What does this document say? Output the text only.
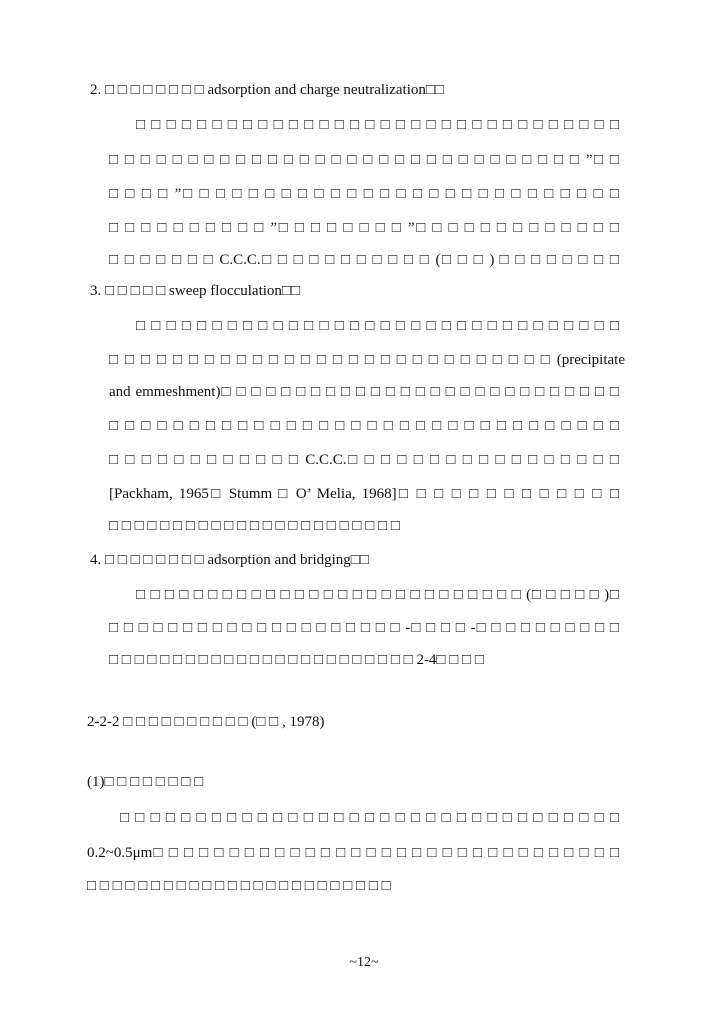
2. □ □ □ □ □ □ □ □ adsorption and charge neutralization□□
□ □ □ □ □ □ □ □ □ □ □ □ □ □ □ □ □ □ □ □ □ □ □ □ □ □ □ □ □ □ □ □
□ □ □ □ □ □ □ □ □ □ □ □ □ □ □ □ □ □ □ □ □ □ □ □ □ □ □ □ □ □ ”□ □
□ □ □ □ ”□ □ □ □ □ □ □ □ □ □ □ □ □ □ □ □ □ □ □ □ □ □ □ □ □ □ □
□ □ □ □ □ □ □ □ □ □ ”□ □ □ □ □ □ □ □ ”□ □ □ □ □ □ □ □ □ □ □ □ □
□ □ □ □ □ □ □ C.C.C.□ □ □ □ □ □ □ □ □ □ □ (□ □ □ ) □ □ □ □ □ □ □ □
3. □ □ □ □ □ sweep flocculation□□
□ □ □ □ □ □ □ □ □ □ □ □ □ □ □ □ □ □ □ □ □ □ □ □ □ □ □ □ □ □ □ □
□ □ □ □ □ □ □ □ □ □ □ □ □ □ □ □ □ □ □ □ □ □ □ □ □ □ □ □ (precipitate
and emmeshment)□ □ □ □ □ □ □ □ □ □ □ □ □ □ □ □ □ □ □ □ □ □ □ □ □ □ □
□ □ □ □ □ □ □ □ □ □ □ □ □ □ □ □ □ □ □ □ □ □ □ □ □ □ □ □ □ □ □ □
□ □ □ □ □ □ □ □ □ □ □ □ C.C.C.□ □ □ □ □ □ □ □ □ □ □ □ □ □ □ □ □
[Packham, 1965□ Stumm □ O’ Melia, 1968]□ □ □ □ □ □ □ □ □ □ □ □ □
□ □ □ □ □ □ □ □ □ □ □ □ □ □ □ □ □ □ □ □ □ □ □
4. □ □ □ □ □ □ □ □ adsorption and bridging□□
□ □ □ □ □ □ □ □ □ □ □ □ □ □ □ □ □ □ □ □ □ □ □ □ □ □ □ (□ □ □ □ □ )□
□ □ □ □ □ □ □ □ □ □ □ □ □ □ □ □ □ □ □ □ -□ □ □ □ -□ □ □ □ □ □ □ □ □ □
□ □ □ □ □ □ □ □ □ □ □ □ □ □ □ □ □ □ □ □ □ □ □ □ 2-4□ □ □ □
2-2-2 □ □ □ □ □ □ □ □ □ □ (□ □ , 1978)
(1)□ □ □ □ □ □ □ □
□ □ □ □ □ □ □ □ □ □ □ □ □ □ □ □ □ □ □ □ □ □ □ □ □ □ □ □ □ □ □ □ □
0.2~0.5μm□ □ □ □ □ □ □ □ □ □ □ □ □ □ □ □ □ □ □ □ □ □ □ □ □ □ □ □ □ □ □
□ □ □ □ □ □ □ □ □ □ □ □ □ □ □ □ □ □ □ □ □ □ □ □
~12~
